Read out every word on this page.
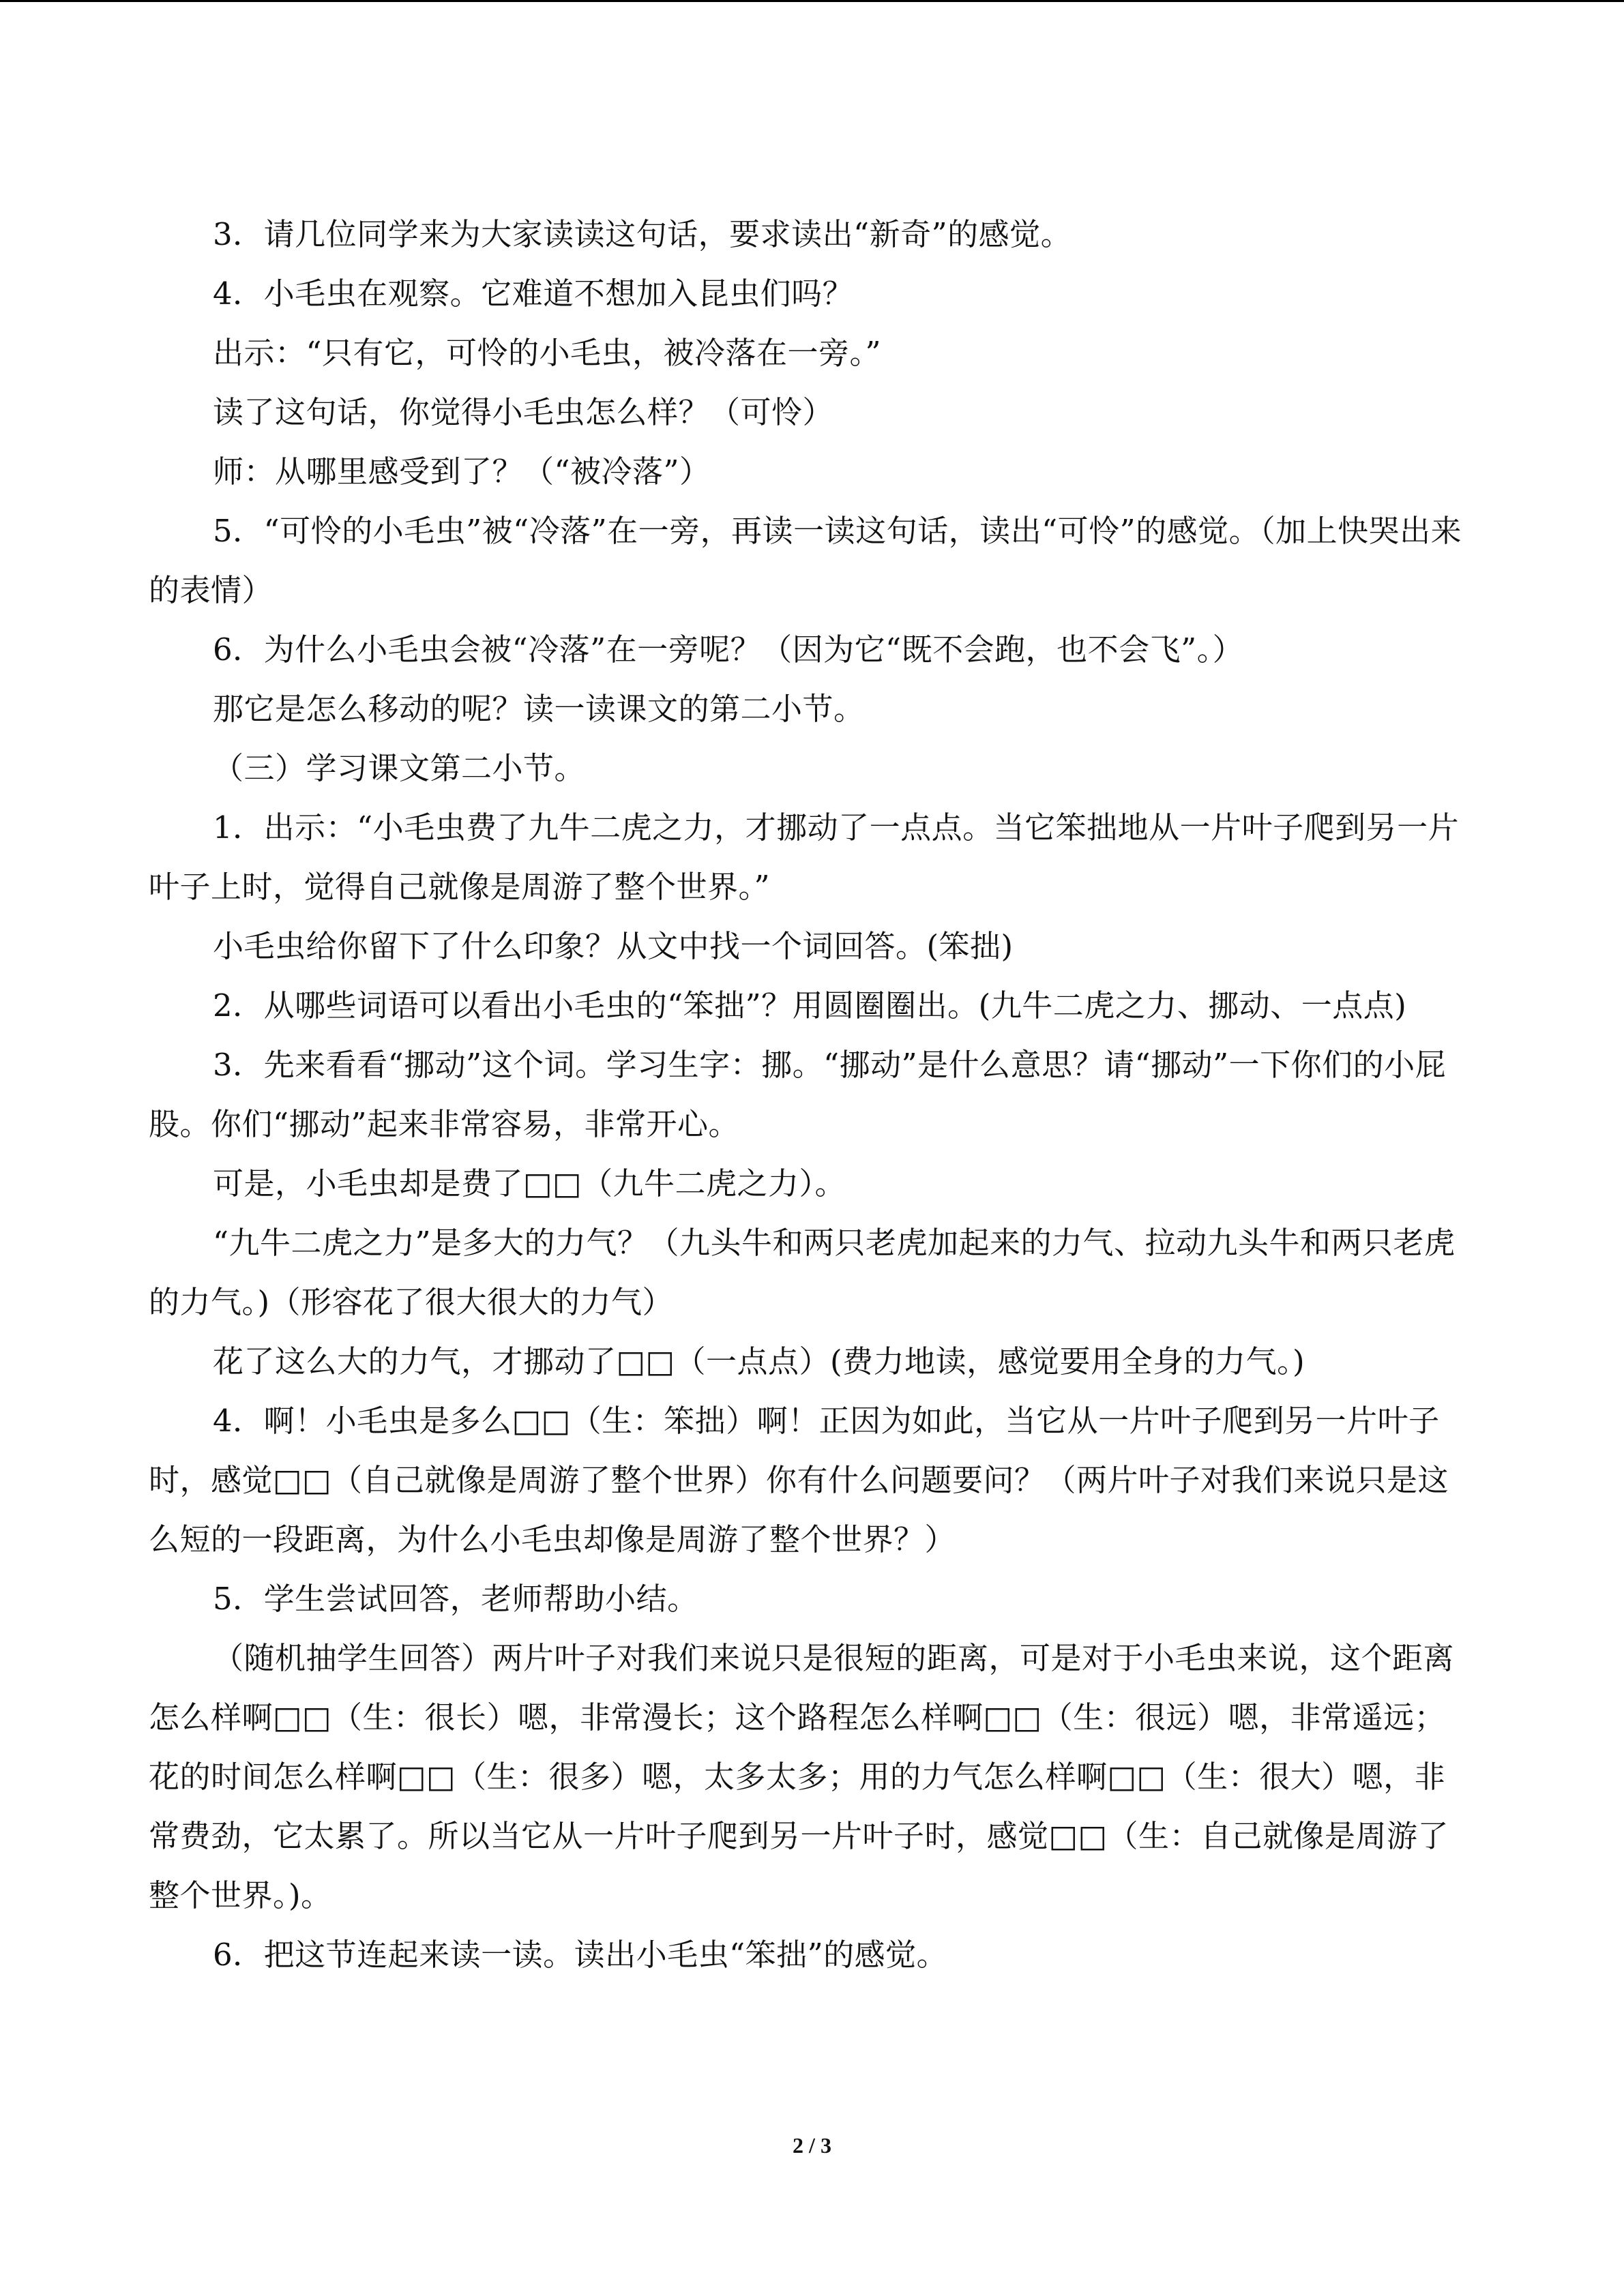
3．请几位同学来为大家读读这句话，要求读出“新奇”的感觉。

4．小毛虫在观察。它难道不想加入昆虫们吗？

出示：“只有它，可怜的小毛虫，被冷落在一旁。”

读了这句话，你觉得小毛虫怎么样？（可怜）

师：从哪里感受到了？（“被冷落”）

5．“可怜的小毛虫”被“冷落”在一旁，再读一读这句话，读出“可怜”的感觉。（加上快哭出来的表情）

6．为什么小毛虫会被“冷落”在一旁呢？（因为它“既不会跑，也不会飞”。）

那它是怎么移动的呢？读一读课文的第二小节。

（三）学习课文第二小节。

1．出示：“小毛虫费了九牛二虎之力，才挪动了一点点。当它笨拙地从一片叶子爬到另一片叶子上时，觉得自己就像是周游了整个世界。”

小毛虫给你留下了什么印象？从文中找一个词回答。(笨拙)

2．从哪些词语可以看出小毛虫的“笨拙”？用圆圈圈出。(九牛二虎之力、挪动、一点点)

3．先来看看“挪动”这个词。学习生字：挪。“挪动”是什么意思？请“挪动”一下你们的小屁股。你们“挪动”起来非常容易，非常开心。

可是，小毛虫却是费了□□（九牛二虎之力）。

“九牛二虎之力”是多大的力气？（九头牛和两只老虎加起来的力气、拉动九头牛和两只老虎的力气。)（形容花了很大很大的力气）

花了这么大的力气，才挪动了□□（一点点）(费力地读，感觉要用全身的力气。)

4．啊！小毛虫是多么□□（生：笨拙）啊！正因为如此，当它从一片叶子爬到另一片叶子时，感觉□□（自己就像是周游了整个世界）你有什么问题要问？（两片叶子对我们来说只是这么短的一段距离，为什么小毛虫却像是周游了整个世界？）

5．学生尝试回答，老师帮助小结。

（随机抽学生回答）两片叶子对我们来说只是很短的距离，可是对于小毛虫来说，这个距离怎么样啊□□（生：很长）嗯，非常漫长；这个路程怎么样啊□□（生：很远）嗯，非常遥远；花的时间怎么样啊□□（生：很多）嗯，太多太多；用的力气怎么样啊□□（生：很大）嗯，非常费劲，它太累了。所以当它从一片叶子爬到另一片叶子时，感觉□□（生：自己就像是周游了整个世界。)。

6．把这节连起来读一读。读出小毛虫“笨拙”的感觉。

2 / 3
